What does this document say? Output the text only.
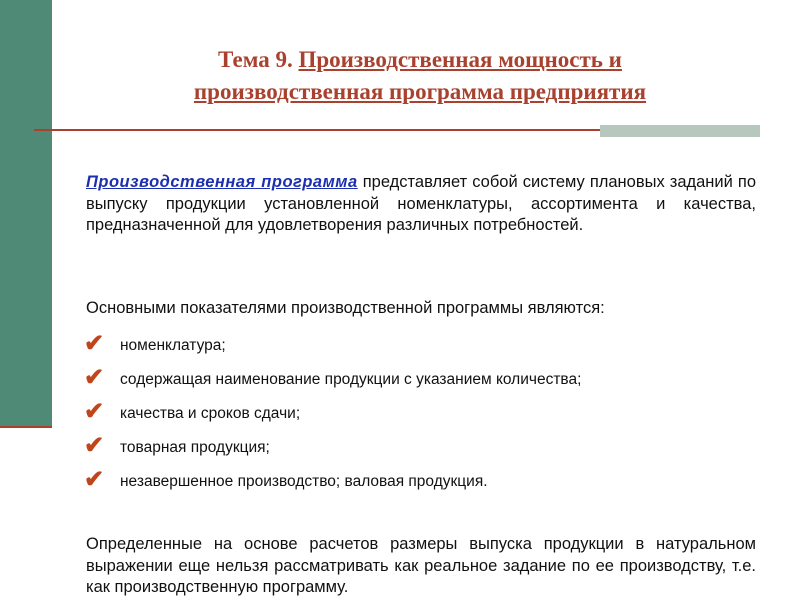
Тема 9. Производственная мощность и
производственная программа предприятия
Производственная программа представляет собой систему плановых заданий по выпуску продукции установленной номенклатуры, ассортимента и качества, предназначенной для удовлетворения различных потребностей.
Основными показателями производственной программы являются:
✔ номенклатура;
✔ содержащая наименование продукции с указанием количества;
✔ качества и сроков сдачи;
✔ товарная продукция;
✔ незавершенное производство; валовая продукция.
Определенные на основе расчетов размеры выпуска продукции в натуральном выражении еще нельзя рассматривать как реальное задание по ее производству, т.е. как производственную программу.
